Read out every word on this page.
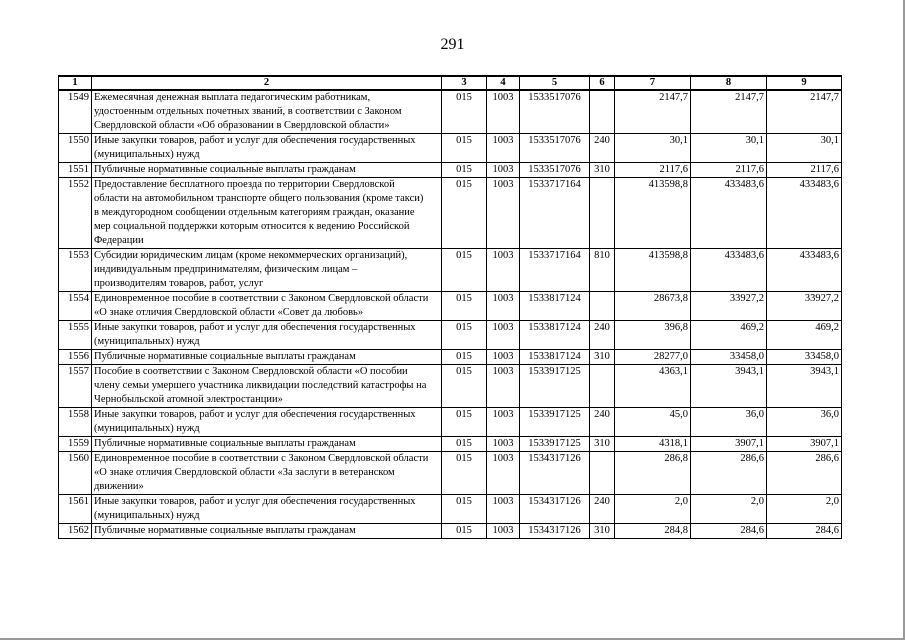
291
1	2	3	4	5	6	7	8	9
1549	Ежемесячная денежная выплата педагогическим работникам,
удостоенным отдельных почетных званий, в соответствии с Законом
Свердловской области «Об образовании в Свердловской области»	015	1003	1533517076		2147,7	2147,7	2147,7
1550	Иные закупки товаров, работ и услуг для обеспечения государственных
(муниципальных) нужд	015	1003	1533517076	240	30,1	30,1	30,1
1551	Публичные нормативные социальные выплаты гражданам	015	1003	1533517076	310	2117,6	2117,6	2117,6
1552	Предоставление бесплатного проезда по территории Свердловской
области на автомобильном транспорте общего пользования (кроме такси)
в междугородном сообщении отдельным категориям граждан, оказание
мер социальной поддержки которым относится к ведению Российской
Федерации	015	1003	1533717164		413598,8	433483,6	433483,6
1553	Субсидии юридическим лицам (кроме некоммерческих организаций),
индивидуальным предпринимателям, физическим лицам –
производителям товаров, работ, услуг	015	1003	1533717164	810	413598,8	433483,6	433483,6
1554	Единовременное пособие в соответствии с Законом Свердловской области
«О знаке отличия Свердловской области «Совет да любовь»	015	1003	1533817124		28673,8	33927,2	33927,2
1555	Иные закупки товаров, работ и услуг для обеспечения государственных
(муниципальных) нужд	015	1003	1533817124	240	396,8	469,2	469,2
1556	Публичные нормативные социальные выплаты гражданам	015	1003	1533817124	310	28277,0	33458,0	33458,0
1557	Пособие в соответствии с Законом Свердловской области «О пособии
члену семьи умершего участника ликвидации последствий катастрофы на
Чернобыльской атомной электростанции»	015	1003	1533917125		4363,1	3943,1	3943,1
1558	Иные закупки товаров, работ и услуг для обеспечения государственных
(муниципальных) нужд	015	1003	1533917125	240	45,0	36,0	36,0
1559	Публичные нормативные социальные выплаты гражданам	015	1003	1533917125	310	4318,1	3907,1	3907,1
1560	Единовременное пособие в соответствии с Законом Свердловской области
«О знаке отличия Свердловской области «За заслуги в ветеранском
движении»	015	1003	1534317126		286,8	286,6	286,6
1561	Иные закупки товаров, работ и услуг для обеспечения государственных
(муниципальных) нужд	015	1003	1534317126	240	2,0	2,0	2,0
1562	Публичные нормативные социальные выплаты гражданам	015	1003	1534317126	310	284,8	284,6	284,6
